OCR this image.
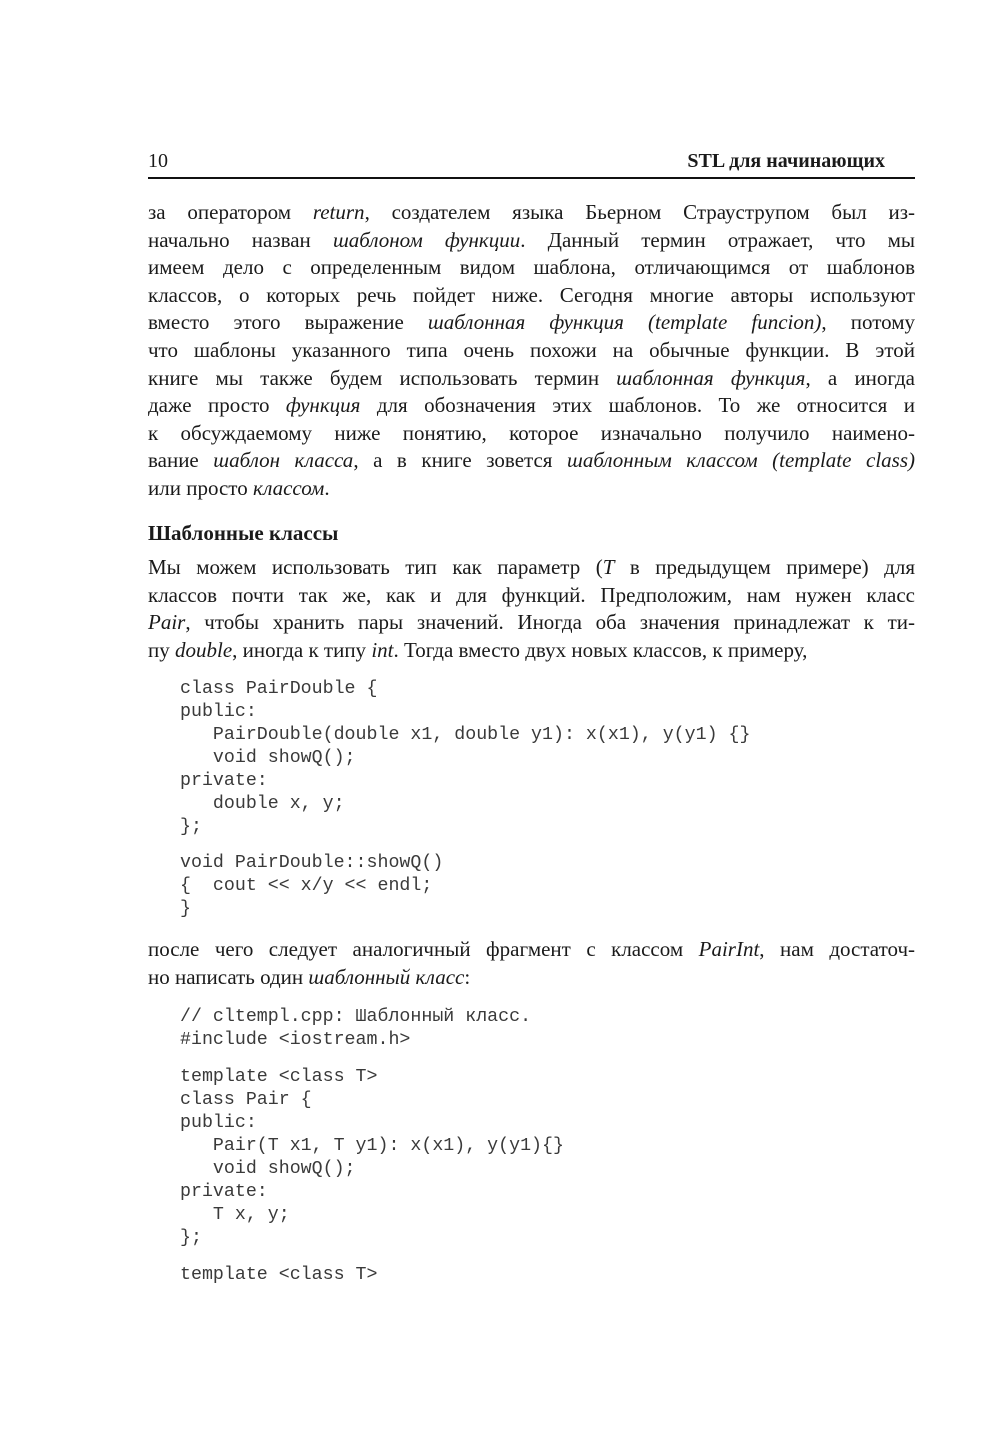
10	STL для начинающих
за оператором return, создателем языка Бьерном Страуструпом был из-
начально назван шаблоном функции. Данный термин отражает, что мы
имеем дело с определенным видом шаблона, отличающимся от шаблонов
классов, о которых речь пойдет ниже. Сегодня многие авторы используют
вместо этого выражение шаблонная функция (template funcion), потому
что шаблоны указанного типа очень похожи на обычные функции. В этой
книге мы также будем использовать термин шаблонная функция, а иногда
даже просто функция для обозначения этих шаблонов. То же относится и
к обсуждаемому ниже понятию, которое изначально получило наимено-
вание шаблон класса, а в книге зовется шаблонным классом (template class)
или просто классом.
Шаблонные классы
Мы можем использовать тип как параметр (T в предыдущем примере) для
классов почти так же, как и для функций. Предположим, нам нужен класс
Pair, чтобы хранить пары значений. Иногда оба значения принадлежат к ти-
пу double, иногда к типу int. Тогда вместо двух новых классов, к примеру,
class PairDouble {
public:
PairDouble(double x1, double y1): x(x1), y(y1) {}
void showQ();
private:
double x, y;
};
void PairDouble::showQ()
{  cout << x/y << endl;
}
после чего следует аналогичный фрагмент с классом PairInt, нам достаточ-
но написать один шаблонный класс:
// cltempl.cpp: Шаблонный класс.
#include <iostream.h>
template <class T>
class Pair {
public:
Pair(T x1, T y1): x(x1), y(y1){}
void showQ();
private:
T x, y;
};
template <class T>
